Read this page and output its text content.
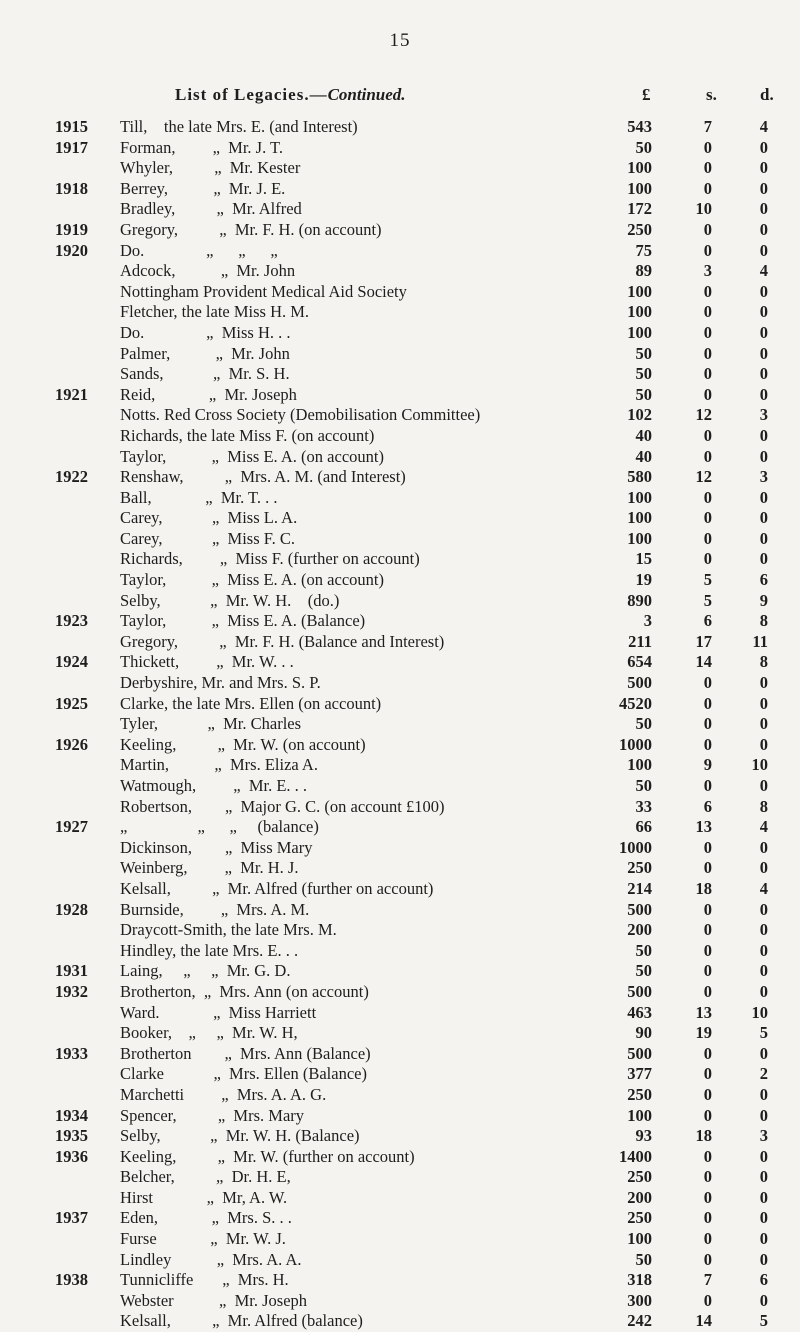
15
List of Legacies.—Continued.	£	s.	d.
1915 Till,    the late Mrs. E. (and Interest)	543	7	4
1917 Forman,         „  Mr. J. T.	50	0	0
Whyler,          „  Mr. Kester	100	0	0
1918 Berrey,           „  Mr. J. E.	100	0	0
Bradley,          „  Mr. Alfred	172	10	0
1919 Gregory,          „  Mr. F. H. (on account)	250	0	0
1920 Do.               „      „      „	75	0	0
Adcock,           „  Mr. John	89	3	4
Nottingham Provident Medical Aid Society	100	0	0
Fletcher, the late Miss H. M.	100	0	0
Do.               „  Miss H. . .	100	0	0
Palmer,           „  Mr. John	50	0	0
Sands,            „  Mr. S. H.	50	0	0
1921 Reid,             „  Mr. Joseph	50	0	0
Notts. Red Cross Society (Demobilisation Committee)	102	12	3
Richards, the late Miss F. (on account)	40	0	0
Taylor,           „  Miss E. A. (on account)	40	0	0
1922 Renshaw,          „  Mrs. A. M. (and Interest)	580	12	3
Ball,             „  Mr. T. . .	100	0	0
Carey,            „  Miss L. A.	100	0	0
Carey,            „  Miss F. C.	100	0	0
Richards,         „  Miss F. (further on account)	15	0	0
Taylor,           „  Miss E. A. (on account)	19	5	6
Selby,            „  Mr. W. H.    (do.)	890	5	9
1923 Taylor,           „  Miss E. A. (Balance)	3	6	8
Gregory,          „  Mr. F. H. (Balance and Interest)	211	17	11
1924 Thickett,         „  Mr. W. . .	654	14	8
Derbyshire, Mr. and Mrs. S. P.	500	0	0
1925 Clarke, the late Mrs. Ellen (on account)	4520	0	0
Tyler,            „  Mr. Charles	50	0	0
1926 Keeling,          „  Mr. W. (on account)	1000	0	0
Martin,           „  Mrs. Eliza A.	100	9	10
Watmough,         „  Mr. E. . .	50	0	0
Robertson,        „  Major G. C. (on account £100)	33	6	8
1927 „                 „      „     (balance)	66	13	4
Dickinson,        „  Miss Mary	1000	0	0
Weinberg,         „  Mr. H. J.	250	0	0
Kelsall,          „  Mr. Alfred (further on account)	214	18	4
1928 Burnside,         „  Mrs. A. M.	500	0	0
Draycott-Smith, the late Mrs. M.	200	0	0
Hindley, the late Mrs. E. . .	50	0	0
1931 Laing,     „     „  Mr. G. D.	50	0	0
1932 Brotherton,  „  Mrs. Ann (on account)	500	0	0
Ward.             „  Miss Harriett	463	13	10
Booker,    „     „  Mr. W. H,	90	19	5
1933 Brotherton        „  Mrs. Ann (Balance)	500	0	0
Clarke            „  Mrs. Ellen (Balance)	377	0	2
Marchetti         „  Mrs. A. A. G.	250	0	0
1934 Spencer,          „  Mrs. Mary	100	0	0
1935 Selby,            „  Mr. W. H. (Balance)	93	18	3
1936 Keeling,          „  Mr. W. (further on account)	1400	0	0
Belcher,          „  Dr. H. E,	250	0	0
Hirst             „  Mr, A. W.	200	0	0
1937 Eden,             „  Mrs. S. . .	250	0	0
Furse             „  Mr. W. J.	100	0	0
Lindley           „  Mrs. A. A.	50	0	0
1938 Tunnicliffe       „  Mrs. H.	318	7	6
Webster           „  Mr. Joseph	300	0	0
Kelsall,          „  Mr. Alfred (balance)	242	14	5
